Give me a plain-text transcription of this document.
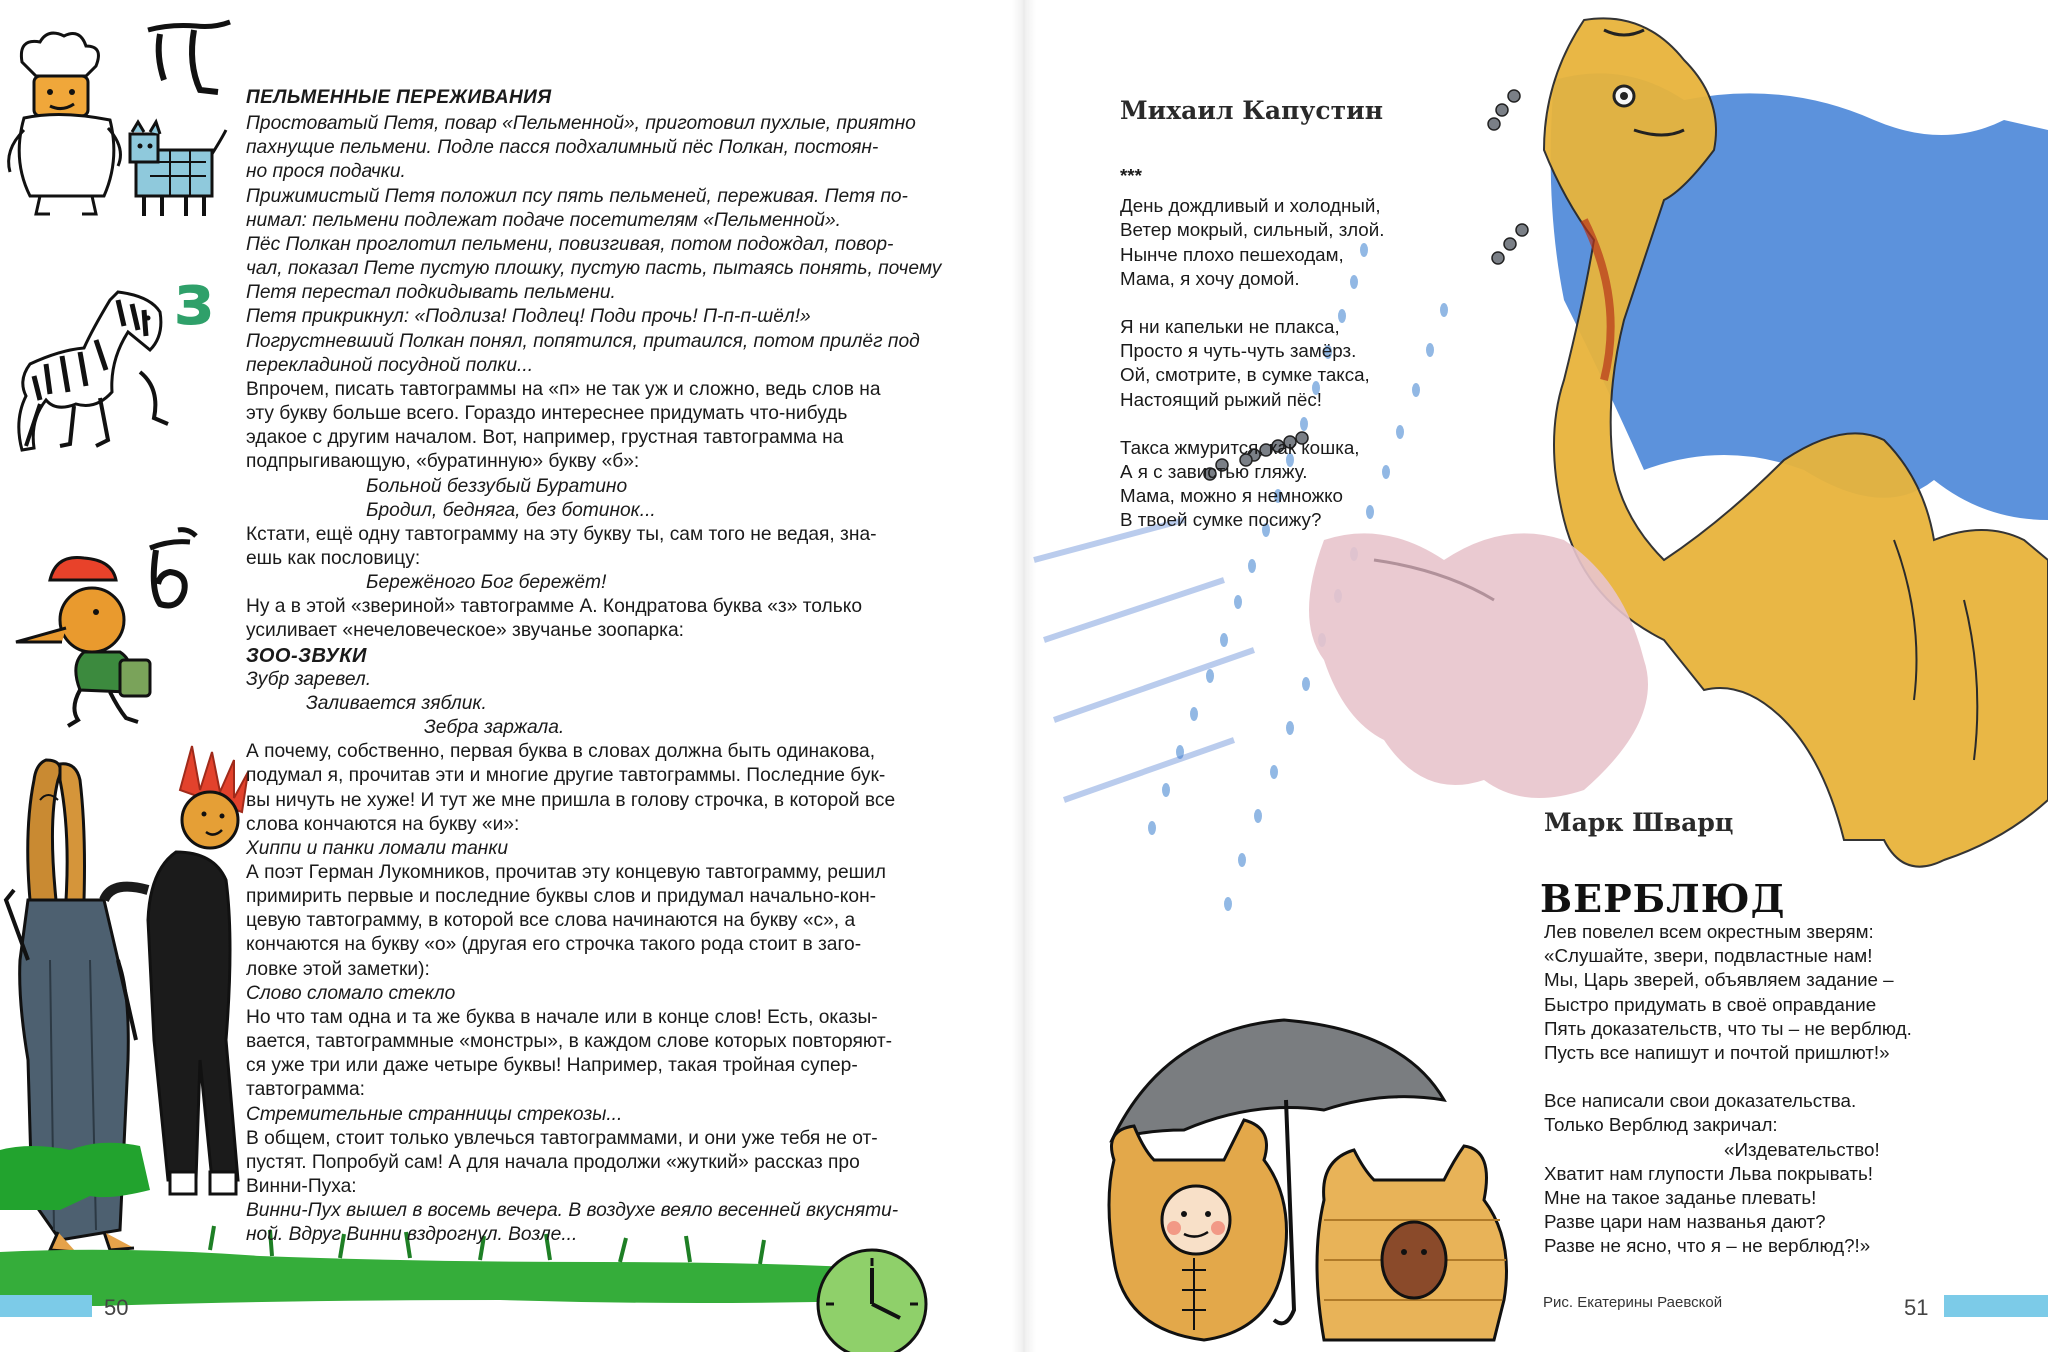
з

ПЕЛЬМЕННЫЕ ПЕРЕЖИВАНИЯ

Простоватый Петя, повар «Пельменной», приготовил пухлые, приятно

пахнущие пельмени. Подле пасся подхалимный пёс Полкан, постоян-

но прося подачки.

Прижимистый Петя положил псу пять пельменей, переживая. Петя по-

нимал: пельмени подлежат подаче посетителям «Пельменной».

Пёс Полкан проглотил пельмени, повизгивая, потом подождал, повор-

чал, показал Пете пустую плошку, пустую пасть, пытаясь понять, почему Петя перестал подкидывать пельмени.

Петя прикрикнул: «Подлиза! Подлец! Поди прочь! П-п-п-шёл!»

Погрустневший Полкан понял, попятился, притаился, потом прилёг под

перекладиной посудной полки...

Впрочем, писать тавтограммы на «п» не так уж и сложно, ведь слов на

эту букву больше всего. Гораздо интереснее придумать что-нибудь

эдакое с другим началом. Вот, например, грустная тавтограмма на

подпрыгивающую, «буратинную» букву «б»:

Больной беззубый Буратино

Бродил, бедняга, без ботинок...

Кстати, ещё одну тавтограмму на эту букву ты, сам того не ведая, зна-

ешь как пословицу:

Бережёного Бог бережёт!

Ну а в этой «звериной» тавтограмме А. Кондратова буква «з» только

усиливает «нечеловеческое» звучанье зоопарка:

ЗОО-ЗВУКИ

Зубр заревел.

Заливается зяблик.

Зебра заржала.

А почему, собственно, первая буква в словах должна быть одинакова,

подумал я, прочитав эти и многие другие тавтограммы. Последние бук-

вы ничуть не хуже! И тут же мне пришла в голову строчка, в которой все

слова кончаются на букву «и»:

Хиппи и панки ломали танки

А поэт Герман Лукомников, прочитав эту концевую тавтограмму, решил

примирить первые и последние буквы слов и придумал начально-кон-

цевую тавтограмму, в которой все слова начинаются на букву «с», а

кончаются на букву «о» (другая его строчка такого рода стоит в заго-

ловке этой заметки):

Слово сломало стекло

Но что там одна и та же буква в начале или в конце слов! Есть, оказы-

вается, тавтограммные «монстры», в каждом слове которых повторяют-

ся уже три или даже четыре буквы! Например, такая тройная супер-

тавтограмма:

Стремительные странницы стрекозы...

В общем, стоит только увлечься тавтограммами, и они уже тебя не от-

пустят. Попробуй сам! А для начала продолжи «жуткий» рассказ про

Винни-Пуха:

Винни-Пух вышел в восемь вечера. В воздухе веяло весенней вкусняти-

ной. Вдруг Винни вздрогнул. Возле...

50
Михаил Капустин

***

День дождливый и холодный,

Ветер мокрый, сильный, злой.

Нынче плохо пешеходам,

Мама, я хочу домой.

Я ни капельки не плакса,

Просто я чуть-чуть замёрз.

Ой, смотрите, в сумке такса,

Настоящий рыжий пёс!

Такса жмурится, как кошка,

А я с завистью гляжу.

Мама, можно я немножко

В твоей сумке посижу?

Марк Шварц
ВЕРБЛЮД

Лев повелел всем окрестным зверям:

«Слушайте, звери, подвластные нам!

Мы, Царь зверей, объявляем задание –

Быстро придумать в своё оправдание

Пять доказательств, что ты – не верблюд.

Пусть все напишут и почтой пришлют!»

Все написали свои доказательства.

Только Верблюд закричал:

«Издевательство!

Хватит нам глупости Льва покрывать!

Мне на такое заданье плевать!

Разве цари нам названья дают?

Разве не ясно, что я – не верблюд?!»

Рис. Екатерины Раевской	51
